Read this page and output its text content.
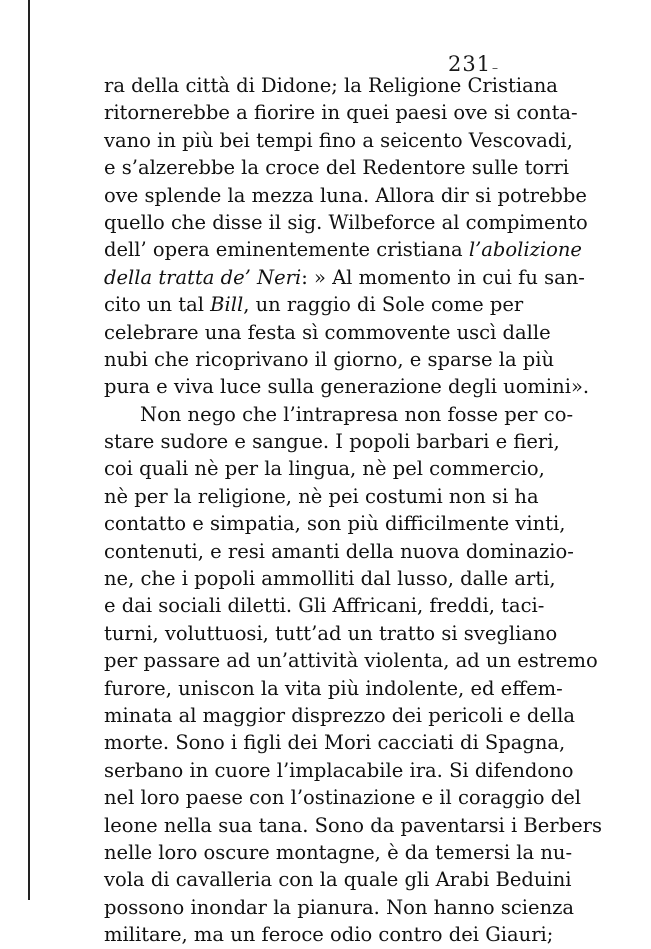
231 –
ra della città di Didone; la Religione Cristiana
ritornerebbe a fiorire in quei paesi ove si conta-
vano in più bei tempi fino a seicento Vescovadi,
e s’alzerebbe la croce del Redentore sulle torri
ove splende la mezza luna. Allora dir si potrebbe
quello che disse il sig. Wilbeforce al compimento
dell’ opera eminentemente cristiana l’abolizione
della tratta de’ Neri: » Al momento in cui fu san-
cito un tal Bill, un raggio di Sole come per
celebrare una festa sì commovente uscì dalle
nubi che ricoprivano il giorno, e sparse la più
pura e viva luce sulla generazione degli uomini».
Non nego che l’intrapresa non fosse per co-
stare sudore e sangue. I popoli barbari e fieri,
coi quali nè per la lingua, nè pel commercio,
nè per la religione, nè pei costumi non si ha
contatto e simpatia, son più difficilmente vinti,
contenuti, e resi amanti della nuova dominazio-
ne, che i popoli ammolliti dal lusso, dalle arti,
e dai sociali diletti. Gli Affricani, freddi, taci-
turni, voluttuosi, tutt’ad un tratto si svegliano
per passare ad un’attività violenta, ad un estremo
furore, uniscon la vita più indolente, ed effem-
minata al maggior disprezzo dei pericoli e della
morte. Sono i figli dei Mori cacciati di Spagna,
serbano in cuore l’implacabile ira. Si difendono
nel loro paese con l’ostinazione e il coraggio del
leone nella sua tana. Sono da paventarsi i Berbers
nelle loro oscure montagne, è da temersi la nu-
vola di cavalleria con la quale gli Arabi Beduini
possono inondar la pianura. Non hanno scienza
militare, ma un feroce odio contro dei Giauri;
